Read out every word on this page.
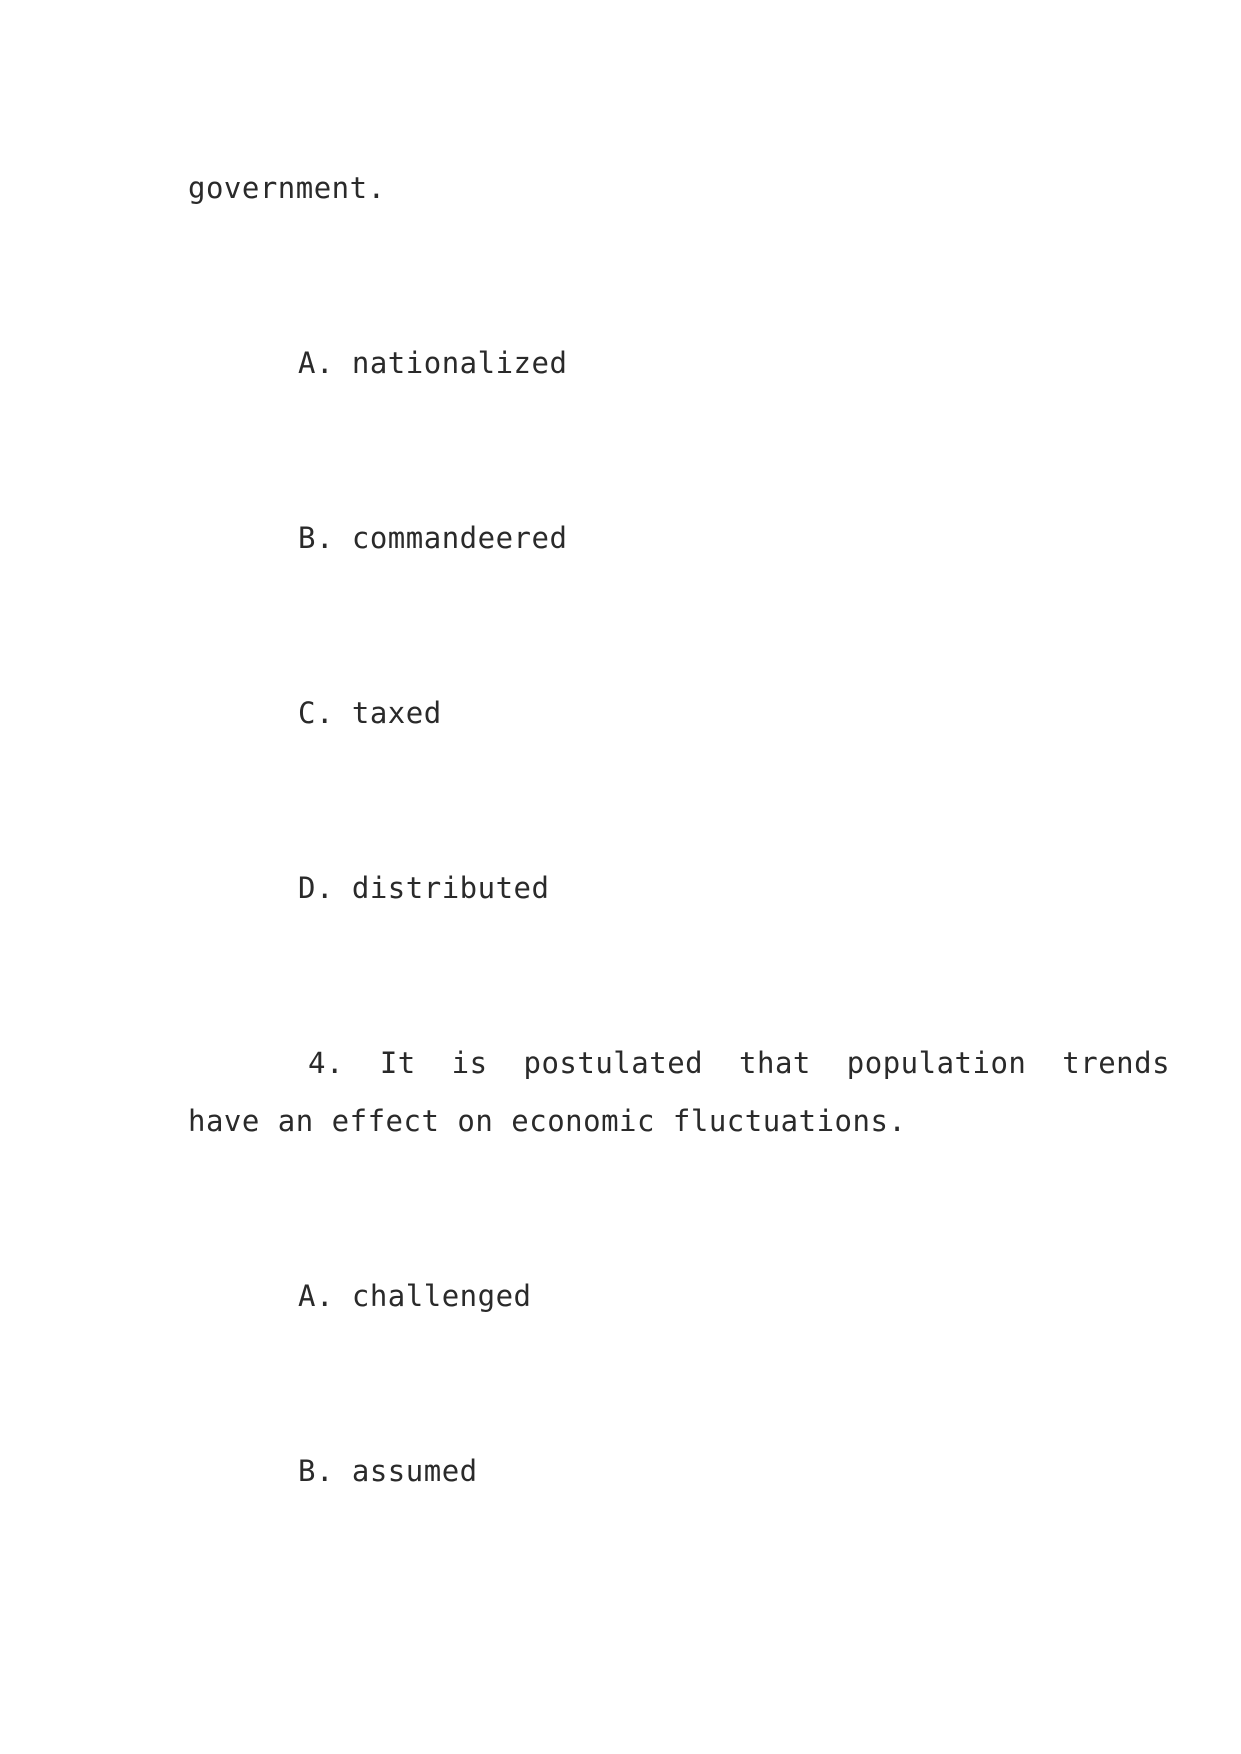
government.
A. nationalized
B. commandeered
C. taxed
D. distributed
4.  It  is  postulated  that  population  trends
have an effect on economic fluctuations.
A. challenged
B. assumed
